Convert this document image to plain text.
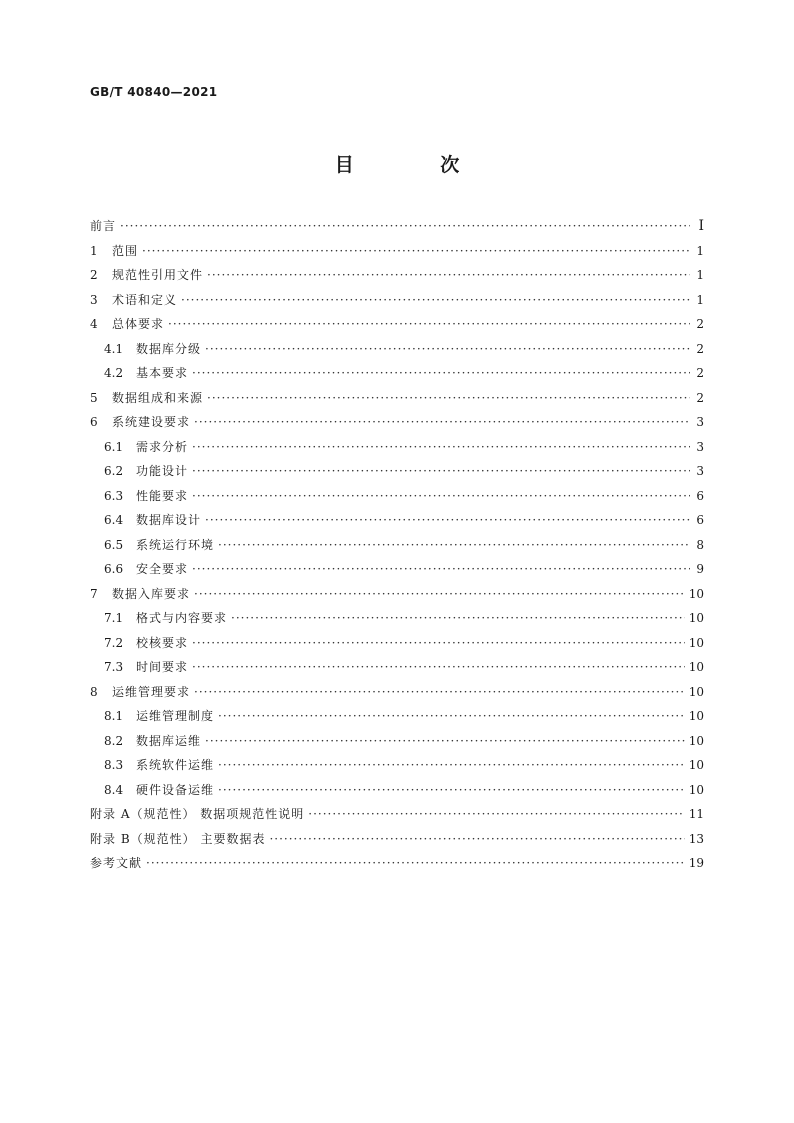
GB/T 40840—2021
目 次
前言 ·····	I
1	范围 ·····	1
2	规范性引用文件 ·····	1
3	术语和定义 ·····	1
4	总体要求 ·····	2
4.1	数据库分级 ·····	2
4.2	基本要求 ·····	2
5	数据组成和来源 ·····	2
6	系统建设要求 ·····	3
6.1	需求分析 ·····	3
6.2	功能设计 ·····	3
6.3	性能要求 ·····	6
6.4	数据库设计 ·····	6
6.5	系统运行环境 ·····	8
6.6	安全要求 ·····	9
7	数据入库要求 ·····	10
7.1	格式与内容要求 ·····	10
7.2	校核要求 ·····	10
7.3	时间要求 ·····	10
8	运维管理要求 ·····	10
8.1	运维管理制度 ·····	10
8.2	数据库运维 ·····	10
8.3	系统软件运维 ·····	10
8.4	硬件设备运维 ·····	10
附录 A（规范性） 数据项规范性说明 ·····	11
附录 B（规范性） 主要数据表 ·····	13
参考文献 ·····	19
